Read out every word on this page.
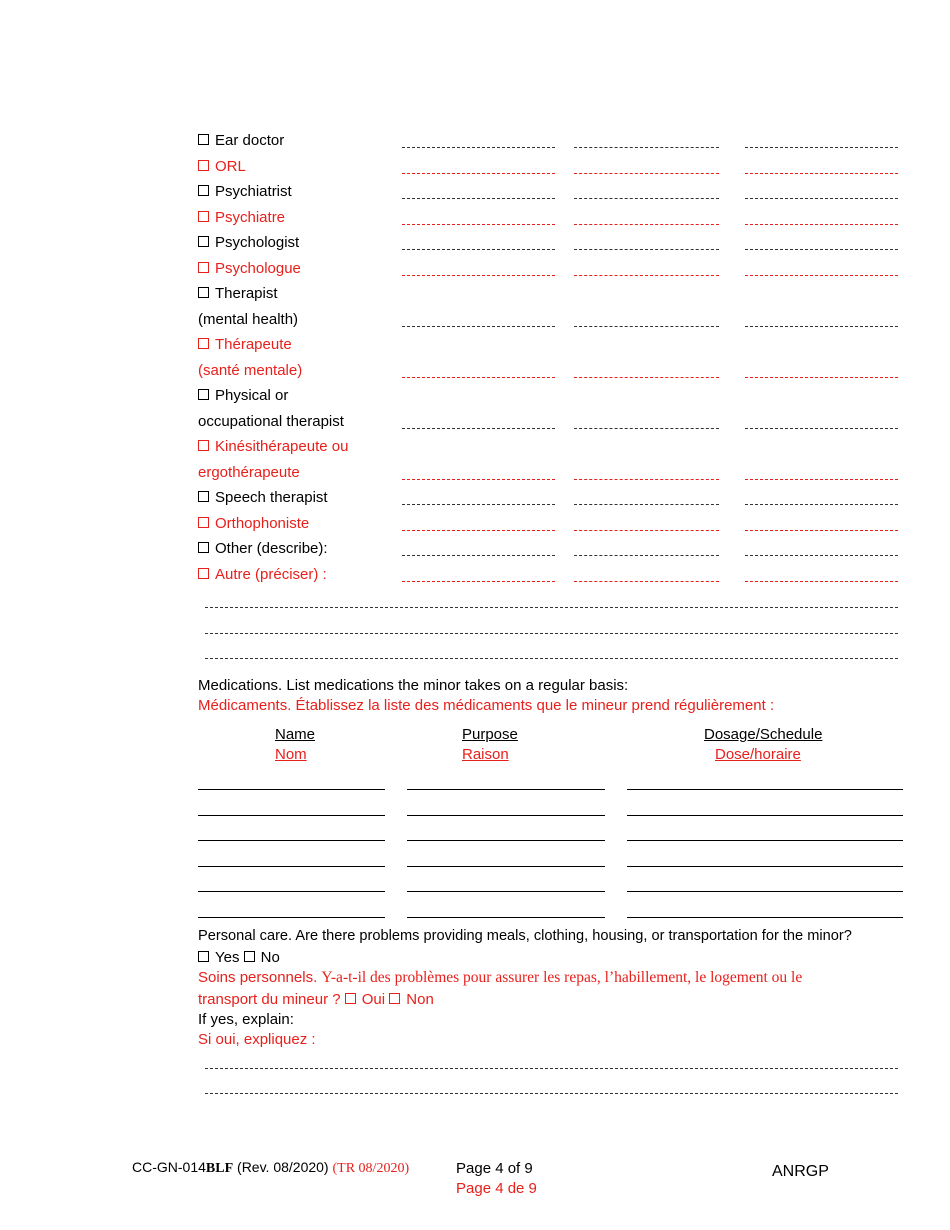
Ear doctor
ORL
Psychiatrist
Psychiatre
Psychologist
Psychologue
Therapist
(mental health)
Thérapeute
(santé mentale)
Physical or
occupational therapist
Kinésithérapeute ou
ergothérapeute
Speech therapist
Orthophoniste
Other (describe):
Autre (préciser) :
Medications. List medications the minor takes on a regular basis:
Médicaments. Établissez la liste des médicaments que le mineur prend régulièrement :
Name
Nom
Purpose
Raison
Dosage/Schedule
Dose/horaire
Personal care. Are there problems providing meals, clothing, housing, or transportation for the minor?
Yes No
Soins personnels. Y-a-t-il des problèmes pour assurer les repas, l’habillement, le logement ou le
transport du mineur ? Oui Non
If yes, explain:
Si oui, expliquez :
CC-GN-014BLF (Rev. 08/2020) (TR 08/2020)	Page 4 of 9
Page 4 de 9
ANRGP
